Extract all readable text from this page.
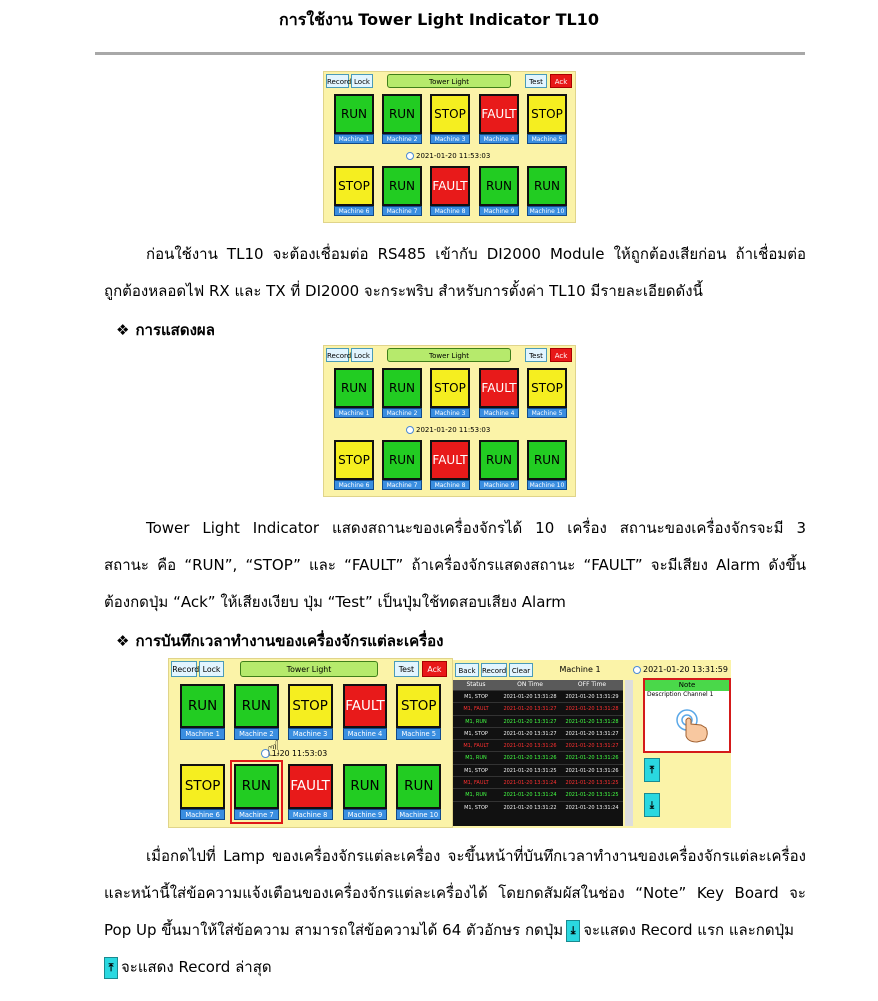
การใช้งาน Tower Light Indicator TL10
Record Lock	Tower Light	Test	Ack
RUN
Machine 1
RUN
Machine 2
STOP
Machine 3
FAULT
Machine 4
STOP
Machine 5
STOP
Machine 6
RUN
Machine 7
FAULT
Machine 8
RUN
Machine 9
RUN
Machine 10
2021-01-20 11:53:03
Record Lock	Tower Light	Test	Ack
RUN
Machine 1
RUN
Machine 2
STOP
Machine 3
FAULT
Machine 4
STOP
Machine 5
STOP
Machine 6
RUN
Machine 7
FAULT
Machine 8
RUN
Machine 9
RUN
Machine 10
2021-01-20 11:53:03
Record Lock	Tower Light	Test	Ack
RUN
Machine 1
RUN
Machine 2
STOP
Machine 3
FAULT
Machine 4
STOP
Machine 5
STOP
Machine 6
RUN
Machine 7
FAULT
Machine 8
RUN
Machine 9
RUN
Machine 10
1-20 11:53:03
☝
ก่อนใช้งาน TL10 จะต้องเชื่อมต่อ RS485 เข้ากับ DI2000 Module ให้ถูกต้องเสียก่อน ถ้าเชื่อมต่อ
ถูกต้องหลอดไฟ RX และ TX ที่ DI2000 จะกระพริบ สำหรับการตั้งค่า TL10 มีรายละเอียดดังนี้
❖ การแสดงผล
Tower Light Indicator แสดงสถานะของเครื่องจักรได้ 10 เครื่อง สถานะของเครื่องจักรจะมี 3
สถานะ คือ “RUN”, “STOP” และ “FAULT” ถ้าเครื่องจักรแสดงสถานะ “FAULT” จะมีเสียง Alarm ดังขึ้น
ต้องกดปุ่ม “Ack” ให้เสียงเงียบ ปุ่ม “Test” เป็นปุ่มใช้ทดสอบเสียง Alarm
❖ การบันทึกเวลาทำงานของเครื่องจักรแต่ละเครื่อง
Back Record Clear	Machine 1	2021-01-20 13:31:59
Status	ON Time	OFF Time
M1, STOP	2021-01-20 13:31:28	2021-01-20 13:31:29
M1, FAULT	2021-01-20 13:31:27	2021-01-20 13:31:28
M1, RUN	2021-01-20 13:31:27	2021-01-20 13:31:28
M1, STOP	2021-01-20 13:31:27	2021-01-20 13:31:27
M1, FAULT	2021-01-20 13:31:26	2021-01-20 13:31:27
M1, RUN	2021-01-20 13:31:26	2021-01-20 13:31:26
M1, STOP	2021-01-20 13:31:25	2021-01-20 13:31:26
M1, FAULT	2021-01-20 13:31:24	2021-01-20 13:31:25
M1, RUN	2021-01-20 13:31:24	2021-01-20 13:31:25
M1, STOP	2021-01-20 13:31:22	2021-01-20 13:31:24
Note
Description Channel 1
⤒
⤓
เมื่อกดไปที่ Lamp ของเครื่องจักรแต่ละเครื่อง จะขึ้นหน้าที่บันทึกเวลาทำงานของเครื่องจักรแต่ละเครื่อง
และหน้านี้ใส่ข้อความแจ้งเตือนของเครื่องจักรแต่ละเครื่องได้ โดยกดสัมผัสในช่อง “Note” Key Board จะ
Pop Up ขึ้นมาให้ใส่ข้อความ สามารถใส่ข้อความได้ 64 ตัวอักษร กดปุ่ม ⤓ จะแสดง Record แรก และกดปุ่ม
⤒ จะแสดง Record ล่าสุด
